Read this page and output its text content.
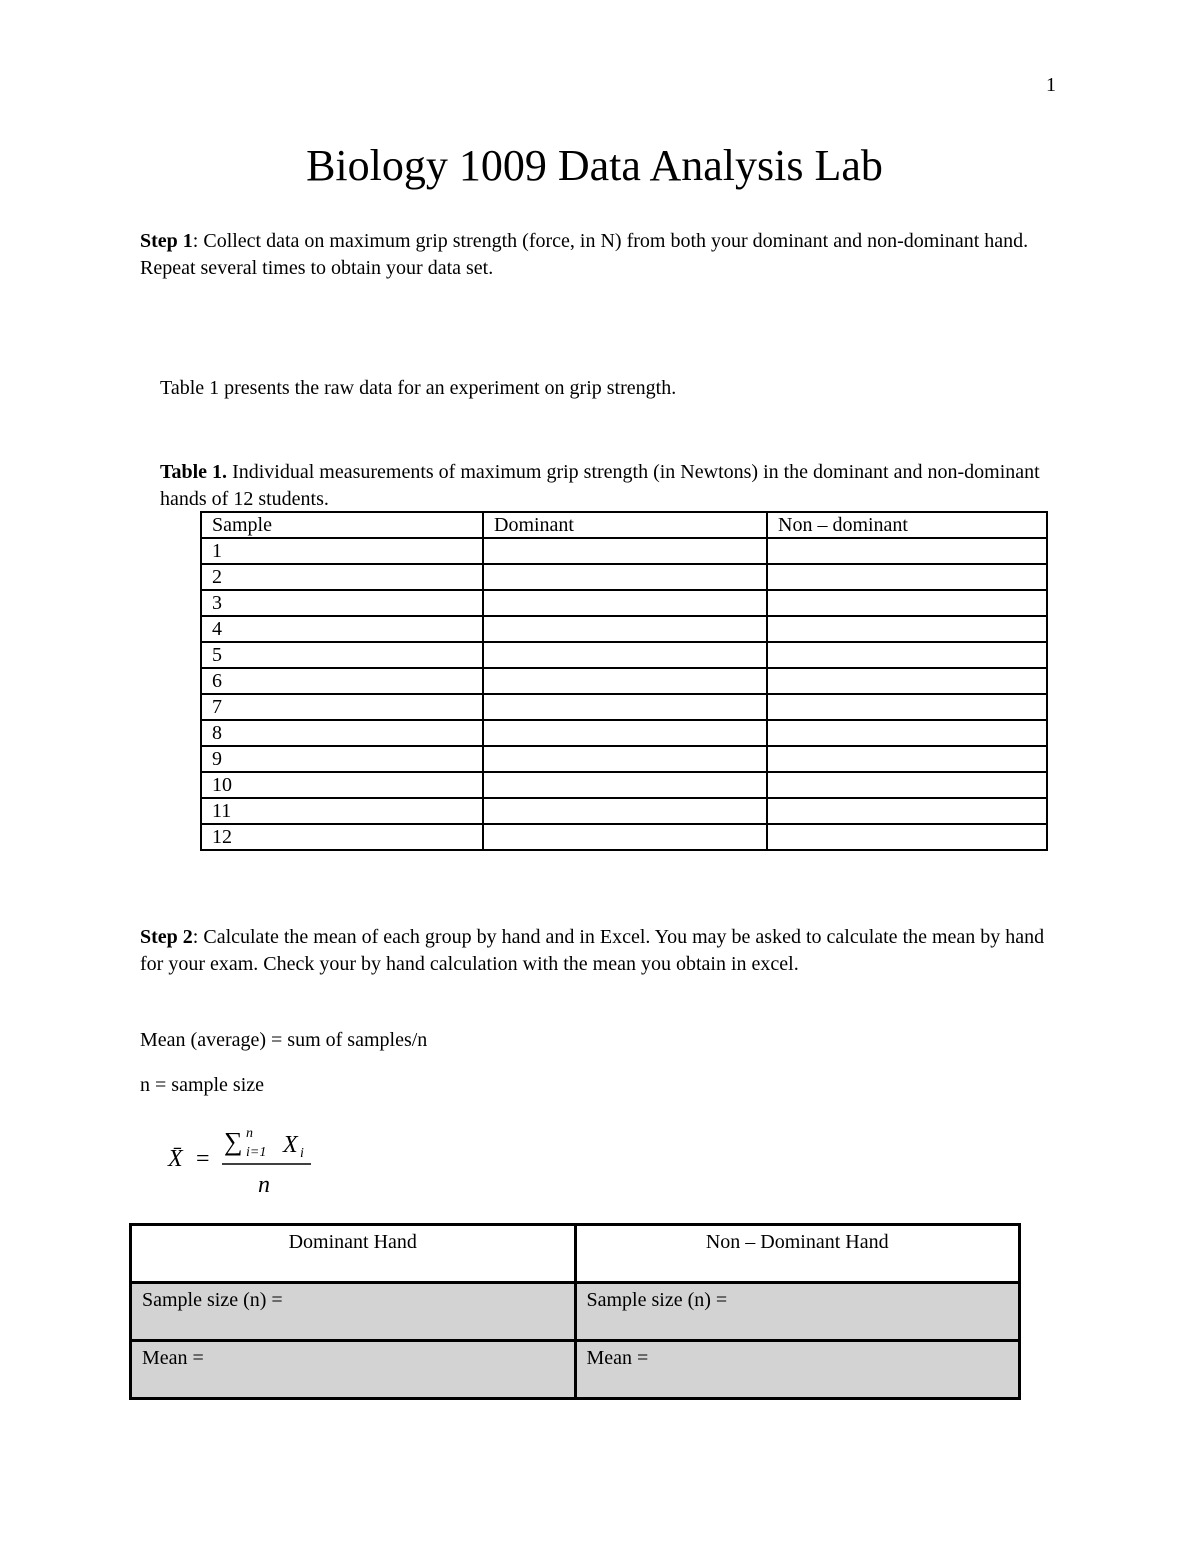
1
Biology 1009 Data Analysis Lab
Step 1: Collect data on maximum grip strength (force, in N) from both your dominant and non-dominant hand. Repeat several times to obtain your data set.
Table 1 presents the raw data for an experiment on grip strength.
Table 1. Individual measurements of maximum grip strength (in Newtons) in the dominant and non-dominant hands of 12 students.
Sample	Dominant	Non – dominant
1		
2		
3		
4		
5		
6		
7		
8		
9		
10		
11		
12		
Step 2: Calculate the mean of each group by hand and in Excel. You may be asked to calculate the mean by hand for your exam. Check your by hand calculation with the mean you obtain in excel.
Mean (average) = sum of samples/n
n = sample size
X̄ =
∑ n
i=1 X i
n
Dominant Hand	Non – Dominant Hand
Sample size (n) =	Sample size (n) =
Mean =	Mean =
